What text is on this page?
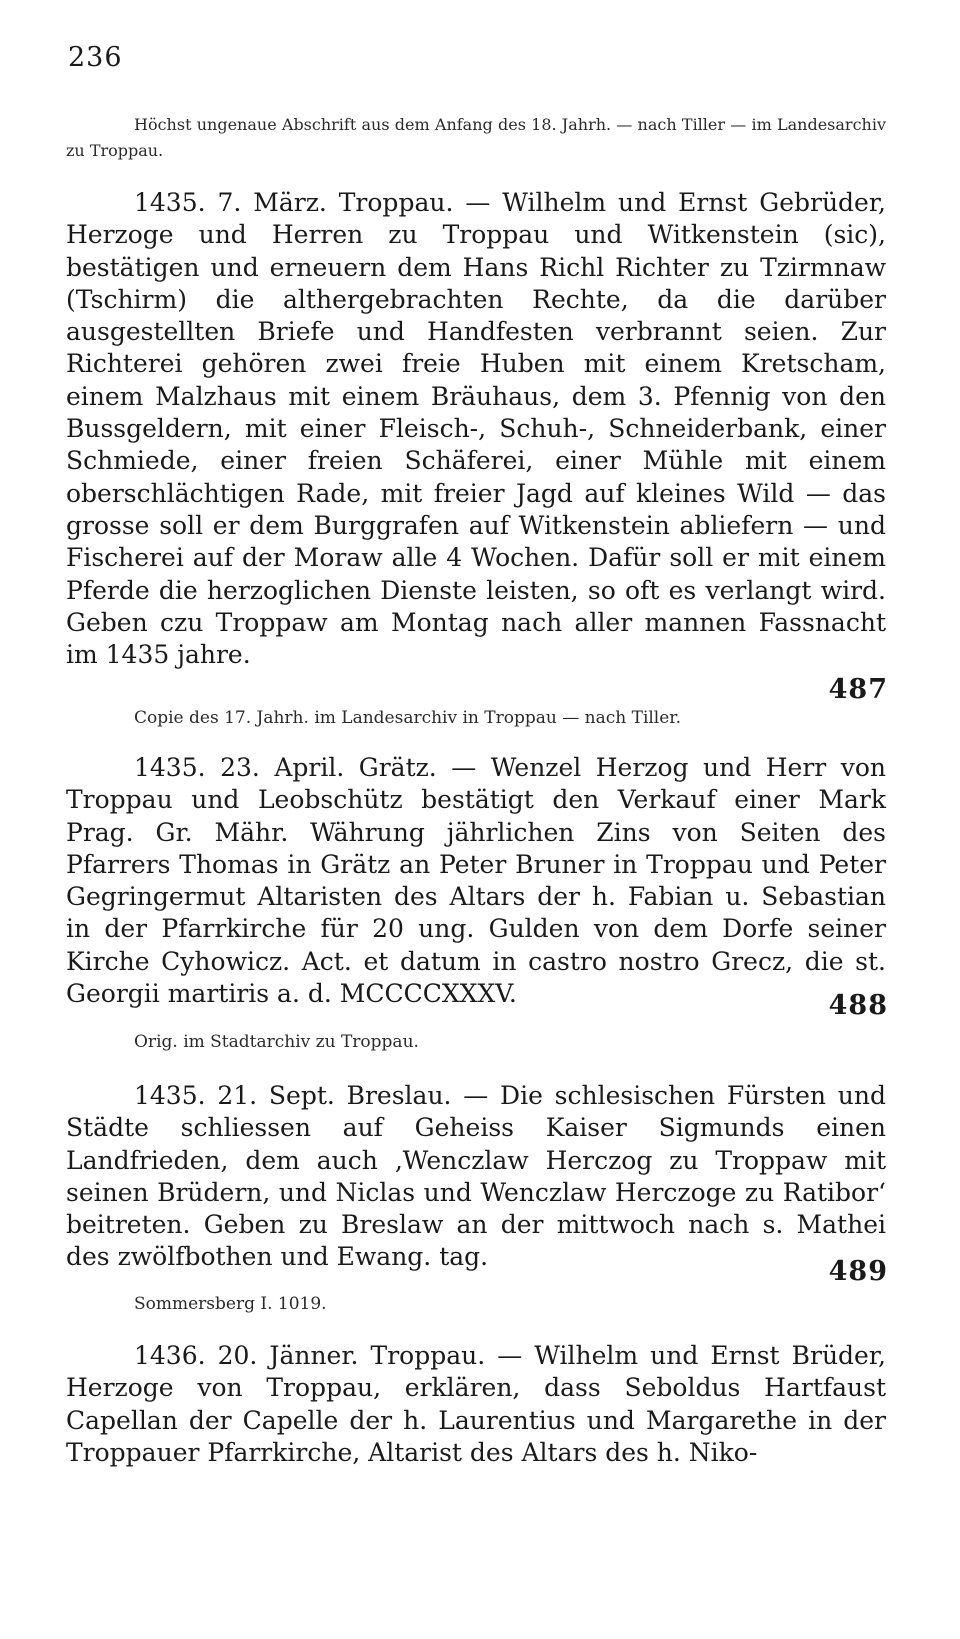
236
Höchst ungenaue Abschrift aus dem Anfang des 18. Jahrh. — nach Tiller — im Landesarchiv zu Troppau.
1435. 7. März. Troppau. — Wilhelm und Ernst Gebrüder, Herzoge und Herren zu Troppau und Witkenstein (sic), bestätigen und erneuern dem Hans Richl Richter zu Tzirmnaw (Tschirm) die althergebrachten Rechte, da die darüber ausgestellten Briefe und Handfesten verbrannt seien. Zur Richterei gehören zwei freie Huben mit einem Kretscham, einem Malzhaus mit einem Bräuhaus, dem 3. Pfennig von den Bussgeldern, mit einer Fleisch-, Schuh-, Schneiderbank, einer Schmiede, einer freien Schäferei, einer Mühle mit einem oberschlächtigen Rade, mit freier Jagd auf kleines Wild — das grosse soll er dem Burggrafen auf Witkenstein abliefern — und Fischerei auf der Moraw alle 4 Wochen. Dafür soll er mit einem Pferde die herzoglichen Dienste leisten, so oft es verlangt wird. Geben czu Troppaw am Montag nach aller mannen Fassnacht im 1435 jahre.
487
Copie des 17. Jahrh. im Landesarchiv in Troppau — nach Tiller.
1435. 23. April. Grätz. — Wenzel Herzog und Herr von Troppau und Leobschütz bestätigt den Verkauf einer Mark Prag. Gr. Mähr. Währung jährlichen Zins von Seiten des Pfarrers Thomas in Grätz an Peter Bruner in Troppau und Peter Gegringermut Altaristen des Altars der h. Fabian u. Sebastian in der Pfarrkirche für 20 ung. Gulden von dem Dorfe seiner Kirche Cyhowicz. Act. et datum in castro nostro Grecz, die st. Georgii martiris a. d. MCCCCXXXV.	488
Orig. im Stadtarchiv zu Troppau.
1435. 21. Sept. Breslau. — Die schlesischen Fürsten und Städte schliessen auf Geheiss Kaiser Sigmunds einen Landfrieden, dem auch ‚Wenczlaw Herczog zu Troppaw mit seinen Brüdern, und Niclas und Wenczlaw Herczoge zu Ratibor‘ beitreten. Geben zu Breslaw an der mittwoch nach s. Mathei des zwölfbothen und Ewang. tag.	489
Sommersberg I. 1019.
1436. 20. Jänner. Troppau. — Wilhelm und Ernst Brüder, Herzoge von Troppau, erklären, dass Seboldus Hartfaust Capellan der Capelle der h. Laurentius und Margarethe in der Troppauer Pfarrkirche, Altarist des Altars des h. Niko-
